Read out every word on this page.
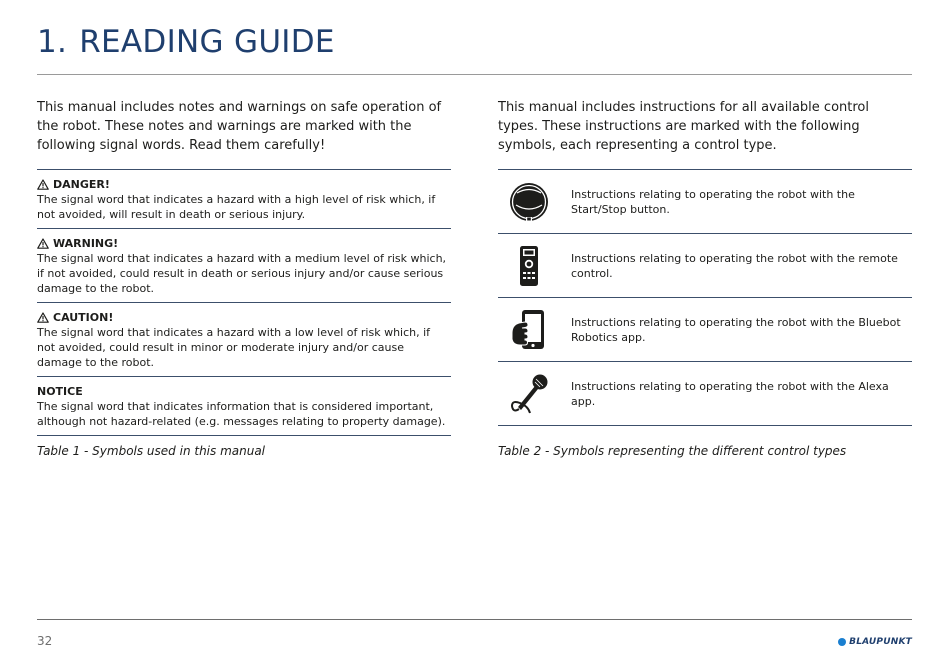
1. READING GUIDE

This manual includes notes and warnings on safe operation of the robot. These notes and warnings are marked with the following signal words. Read them carefully!

This manual includes instructions for all available control types. These instructions are marked with the following symbols, each representing a control type.

DANGER!

The signal word that indicates a hazard with a high level of risk which, if not avoided, will result in death or serious injury.

WARNING!

The signal word that indicates a hazard with a medium level of risk which, if not avoided, could result in death or serious injury and/or cause serious damage to the robot.

CAUTION!

The signal word that indicates a hazard with a low level of risk which, if not avoided, could result in minor or moderate injury and/or cause damage to the robot.

NOTICE

The signal word that indicates information that is considered important, although not hazard-related (e.g. messages relating to property damage).

Instructions relating to operating the robot with the Start/Stop button.
Instructions relating to operating the robot with the remote control.
Instructions relating to operating the robot with the Bluebot Robotics app.
Instructions relating to operating the robot with the Alexa app.

Table 1 - Symbols used in this manual	Table 2 - Symbols representing the different control types

32	BLAUPUNKT
